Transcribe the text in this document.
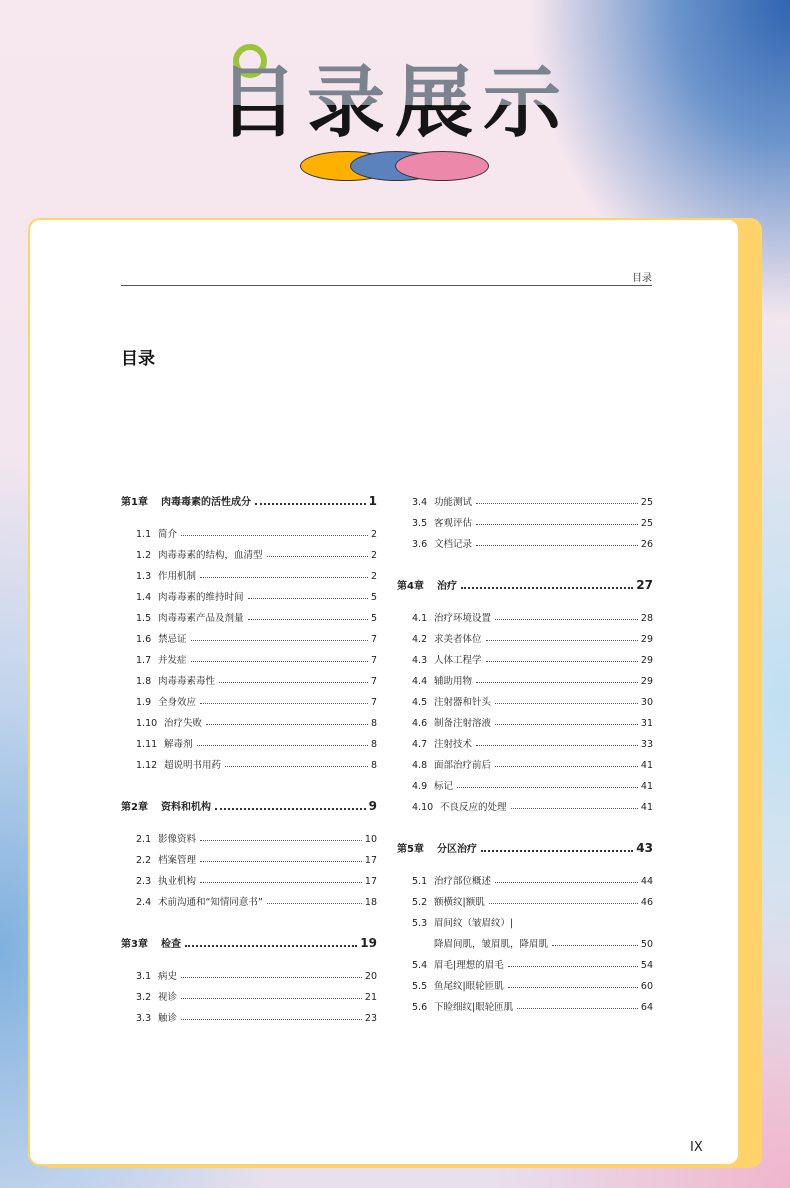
目录展示
目录
目录
第1章	肉毒毒素的活性成分	1
1.1 简介	2
1.2 肉毒毒素的结构，血清型	2
1.3 作用机制	2
1.4 肉毒毒素的维持时间	5
1.5 肉毒毒素产品及剂量	5
1.6 禁忌证	7
1.7 并发症	7
1.8 肉毒毒素毒性	7
1.9 全身效应	7
1.10 治疗失败	8
1.11 解毒剂	8
1.12 超说明书用药	8
第2章	资料和机构	9
2.1 影像资料	10
2.2 档案管理	17
2.3 执业机构	17
2.4 术前沟通和“知情同意书”	18
第3章	检查	19
3.1 病史	20
3.2 视诊	21
3.3 触诊	23
3.4 功能测试	25
3.5 客观评估	25
3.6 文档记录	26
第4章	治疗	27
4.1 治疗环境设置	28
4.2 求美者体位	29
4.3 人体工程学	29
4.4 辅助用物	29
4.5 注射器和针头	30
4.6 制备注射溶液	31
4.7 注射技术	33
4.8 面部治疗前后	41
4.9 标记	41
4.10 不良反应的处理	41
第5章	分区治疗	43
5.1 治疗部位概述	44
5.2 额横纹|额肌	46
5.3 眉间纹（皱眉纹）|
降眉间肌，皱眉肌，降眉肌	50
5.4 眉毛|理想的眉毛	54
5.5 鱼尾纹|眼轮匝肌	60
5.6 下睑细纹|眼轮匝肌	64
IX
